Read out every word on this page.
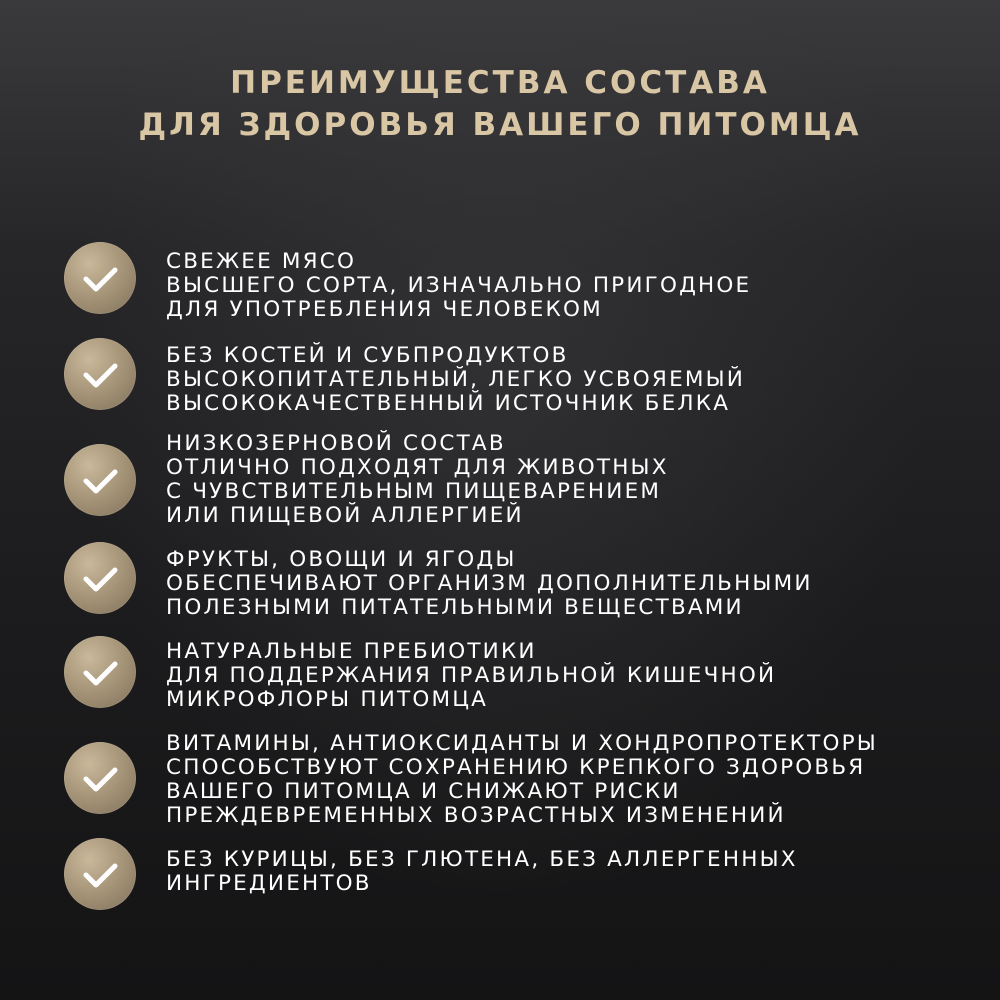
ПРЕИМУЩЕСТВА СОСТАВА
ДЛЯ ЗДОРОВЬЯ ВАШЕГО ПИТОМЦА
СВЕЖЕЕ МЯСО
ВЫСШЕГО СОРТА, ИЗНАЧАЛЬНО ПРИГОДНОЕ
ДЛЯ УПОТРЕБЛЕНИЯ ЧЕЛОВЕКОМ
БЕЗ КОСТЕЙ И СУБПРОДУКТОВ
ВЫСОКОПИТАТЕЛЬНЫЙ, ЛЕГКО УСВОЯЕМЫЙ
ВЫСОКОКАЧЕСТВЕННЫЙ ИСТОЧНИК БЕЛКА
НИЗКОЗЕРНОВОЙ СОСТАВ
ОТЛИЧНО ПОДХОДЯТ ДЛЯ ЖИВОТНЫХ
С ЧУВСТВИТЕЛЬНЫМ ПИЩЕВАРЕНИЕМ
ИЛИ ПИЩЕВОЙ АЛЛЕРГИЕЙ
ФРУКТЫ, ОВОЩИ И ЯГОДЫ
ОБЕСПЕЧИВАЮТ ОРГАНИЗМ ДОПОЛНИТЕЛЬНЫМИ
ПОЛЕЗНЫМИ ПИТАТЕЛЬНЫМИ ВЕЩЕСТВАМИ
НАТУРАЛЬНЫЕ ПРЕБИОТИКИ
ДЛЯ ПОДДЕРЖАНИЯ ПРАВИЛЬНОЙ КИШЕЧНОЙ
МИКРОФЛОРЫ ПИТОМЦА
ВИТАМИНЫ, АНТИОКСИДАНТЫ И ХОНДРОПРОТЕКТОРЫ
СПОСОБСТВУЮТ СОХРАНЕНИЮ КРЕПКОГО ЗДОРОВЬЯ
ВАШЕГО ПИТОМЦА И СНИЖАЮТ РИСКИ
ПРЕЖДЕВРЕМЕННЫХ ВОЗРАСТНЫХ ИЗМЕНЕНИЙ
БЕЗ КУРИЦЫ, БЕЗ ГЛЮТЕНА, БЕЗ АЛЛЕРГЕННЫХ
ИНГРЕДИЕНТОВ
